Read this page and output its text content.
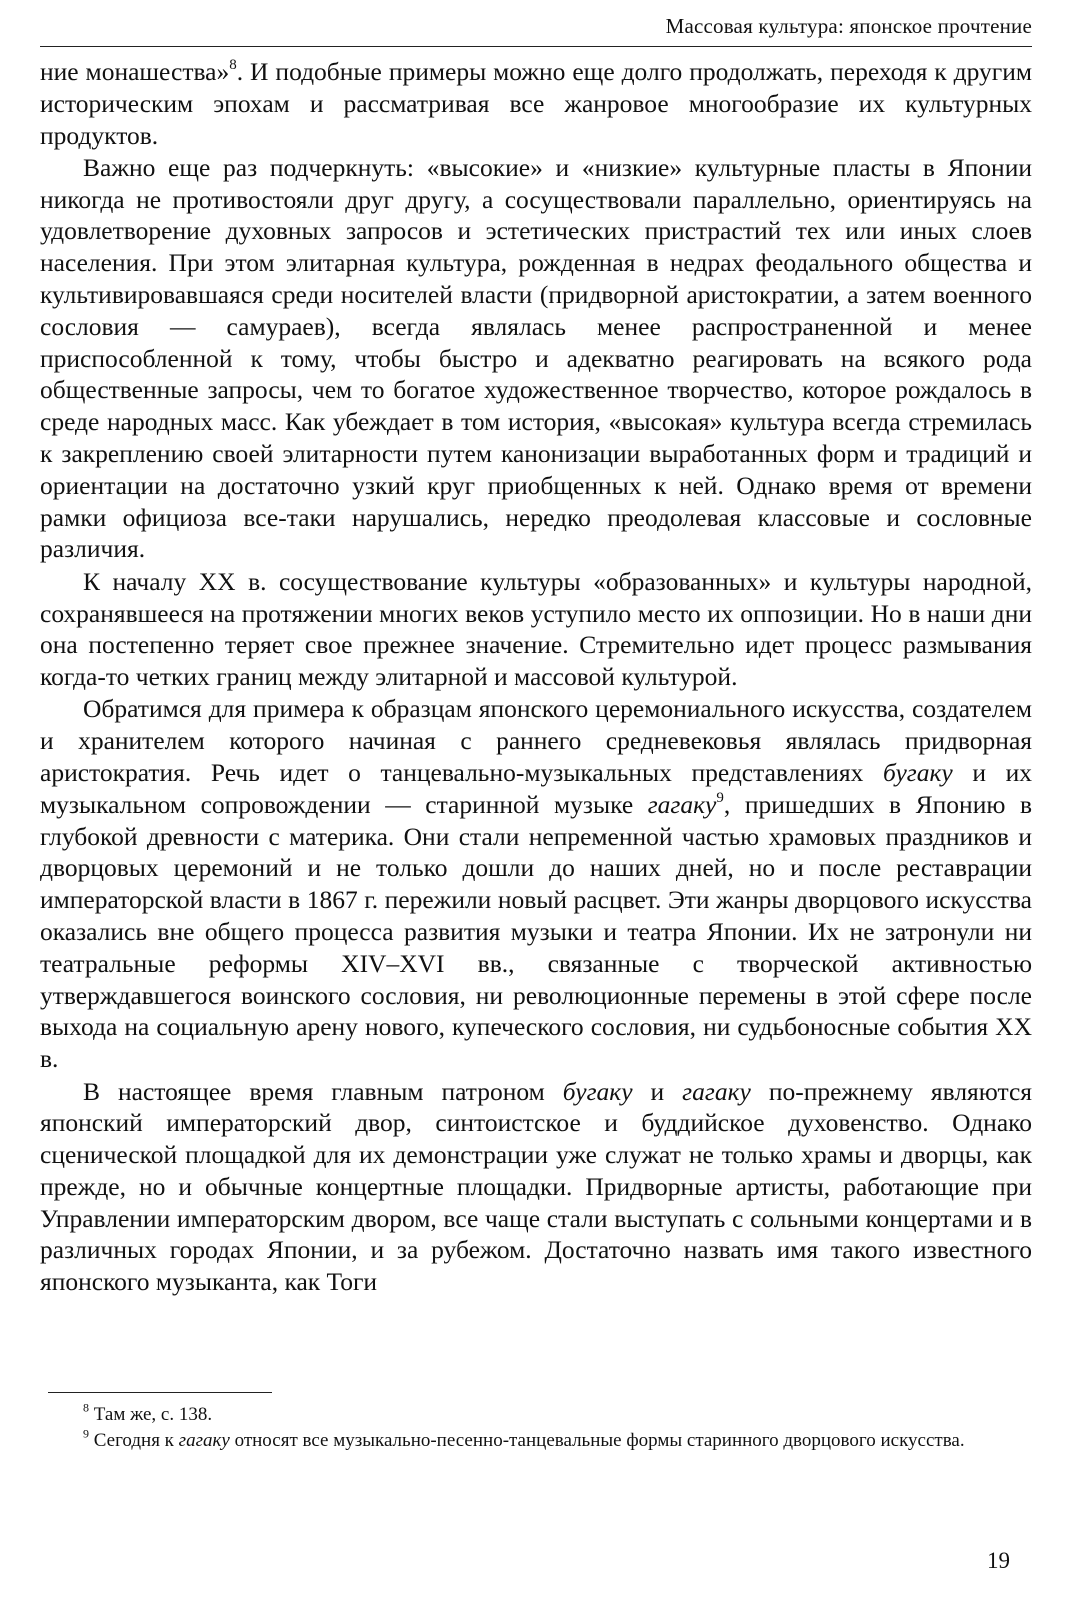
Массовая культура: японское прочтение

ние монашества»$^8$. И подобные примеры можно еще долго продолжать, переходя к другим историческим эпохам и рассматривая все жанровое многообразие их культурных продуктов.

Важно еще раз подчеркнуть: «высокие» и «низкие» культурные пласты в Японии никогда не противостояли друг другу, а сосуществовали параллельно, ориентируясь на удовлетворение духовных запросов и эстетических пристрастий тех или иных слоев населения. При этом элитарная культура, рожденная в недрах феодального общества и культивировавшаяся среди носителей власти (придворной аристократии, а затем военного сословия — самураев), всегда являлась менее распространенной и менее приспособленной к тому, чтобы быстро и адекватно реагировать на всякого рода общественные запросы, чем то богатое художественное творчество, которое рождалось в среде народных масс. Как убеждает в том история, «высокая» культура всегда стремилась к закреплению своей элитарности путем канонизации выработанных форм и традиций и ориентации на достаточно узкий круг приобщенных к ней. Однако время от времени рамки официоза все-таки нарушались, нередко преодолевая классовые и сословные различия.

К началу XX в. сосуществование культуры «образованных» и культуры народной, сохранявшееся на протяжении многих веков уступило место их оппозиции. Но в наши дни она постепенно теряет свое прежнее значение. Стремительно идет процесс размывания когда-то четких границ между элитарной и массовой культурой.

Обратимся для примера к образцам японского церемониального искусства, создателем и хранителем которого начиная с раннего средневековья являлась придворная аристократия. Речь идет о танцевально-музыкальных представлениях бугаку и их музыкальном сопровождении — старинной музыке гагаку$^9$, пришедших в Японию в глубокой древности с материка. Они стали непременной частью храмовых праздников и дворцовых церемоний и не только дошли до наших дней, но и после реставрации императорской власти в 1867 г. пережили новый расцвет. Эти жанры дворцового искусства оказались вне общего процесса развития музыки и театра Японии. Их не затронули ни театральные реформы XIV–XVI вв., связанные с творческой активностью утверждавшегося воинского сословия, ни революционные перемены в этой сфере после выхода на социальную арену нового, купеческого сословия, ни судьбоносные события XX в.

В настоящее время главным патроном бугаку и гагаку по-прежнему являются японский императорский двор, синтоистское и буддийское духовенство. Однако сценической площадкой для их демонстрации уже служат не только храмы и дворцы, как прежде, но и обычные концертные площадки. Придворные артисты, работающие при Управлении императорским двором, все чаще стали выступать с сольными концертами и в различных городах Японии, и за рубежом. Достаточно назвать имя такого известного японского музыканта, как Тоги

$^8$ Там же, с. 138.

$^9$ Сегодня к гагаку относят все музыкально-песенно-танцевальные формы старинного дворцового искусства.

19
